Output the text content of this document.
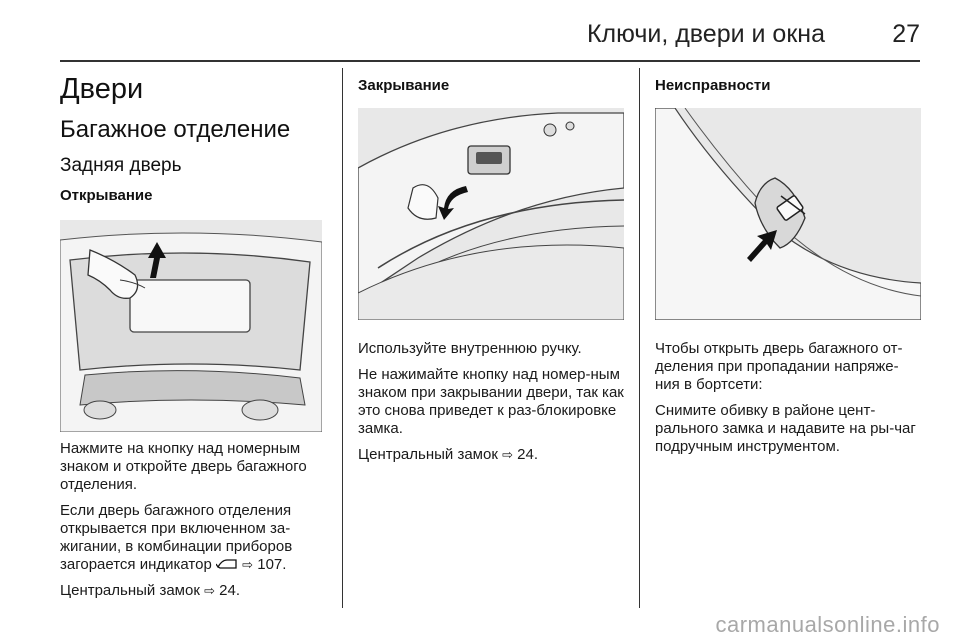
Ключи, двери и окна	27
Двери
Багажное отделение
Задняя дверь
Открывание

Нажмите на кнопку над номерным знаком и откройте дверь багажного отделения.

Если дверь багажного отделения открывается при включенном за-жигании, в комбинации приборов загорается индикатор ⇨ 107.

Центральный замок ⇨ 24.

Закрывание

Используйте внутреннюю ручку.

Не нажимайте кнопку над номер-ным знаком при закрывании двери, так как это снова приведет к раз-блокировке замка.

Центральный замок ⇨ 24.

Неисправности

Чтобы открыть дверь багажного от-деления при пропадании напряже-ния в бортсети:

Снимите обивку в районе цент-рального замка и надавите на ры-чаг подручным инструментом.

carmanualsonline.info
